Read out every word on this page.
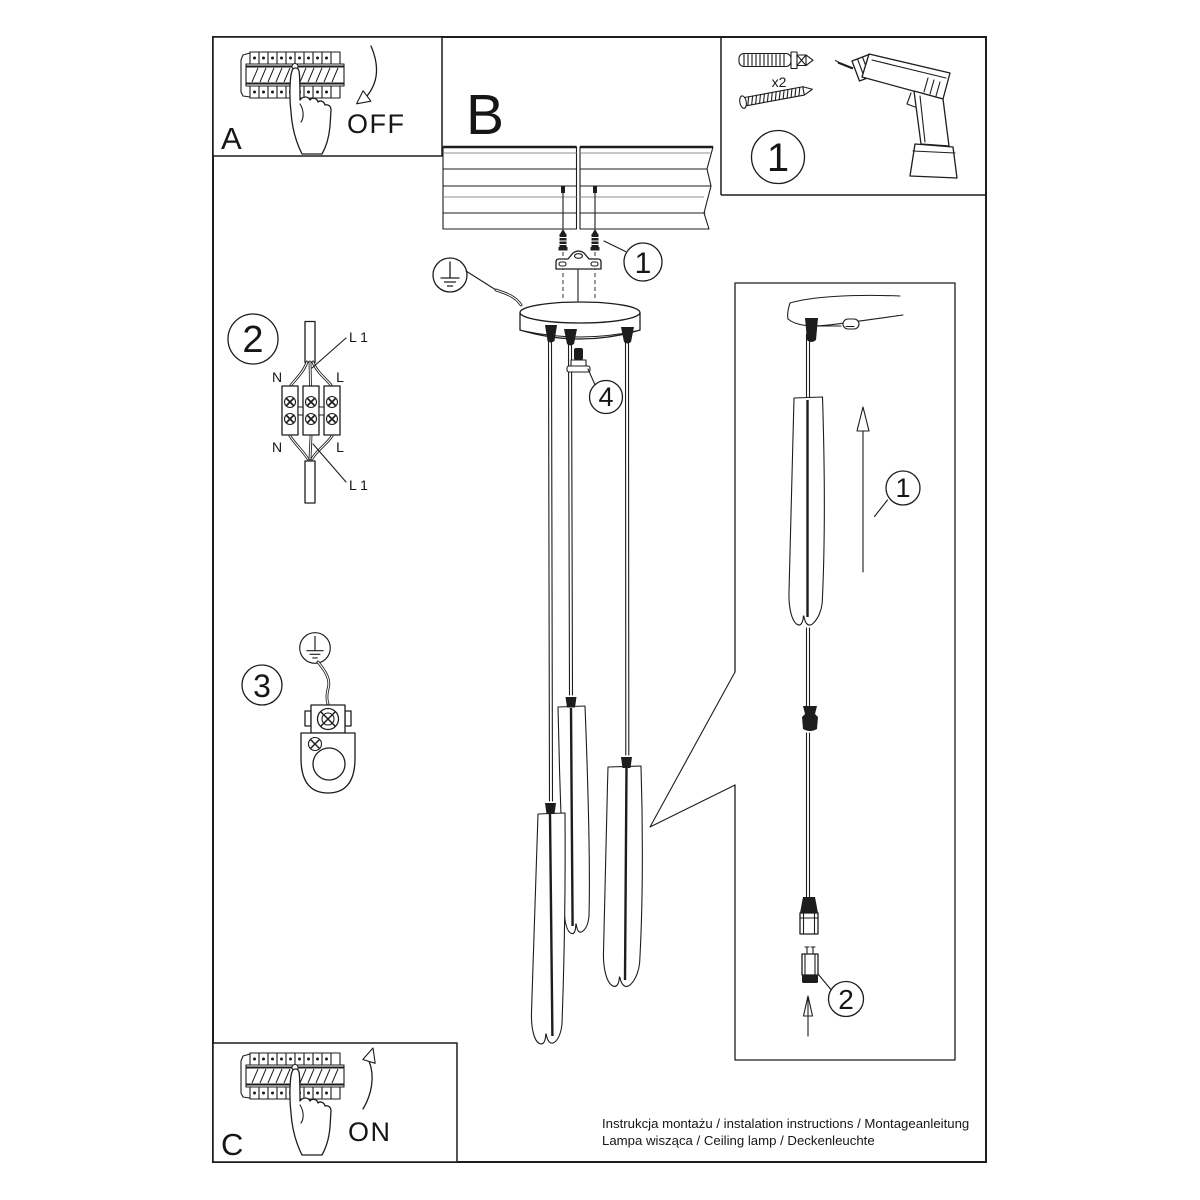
A	OFF B
1
x2
1
2
N	L
N	L
L 1
L 1
3
4
1
2
C	ON	Instrukcja montażu / instalation instructions / Montageanleitung
Lampa wisząca / Ceiling lamp / Deckenleuchte
